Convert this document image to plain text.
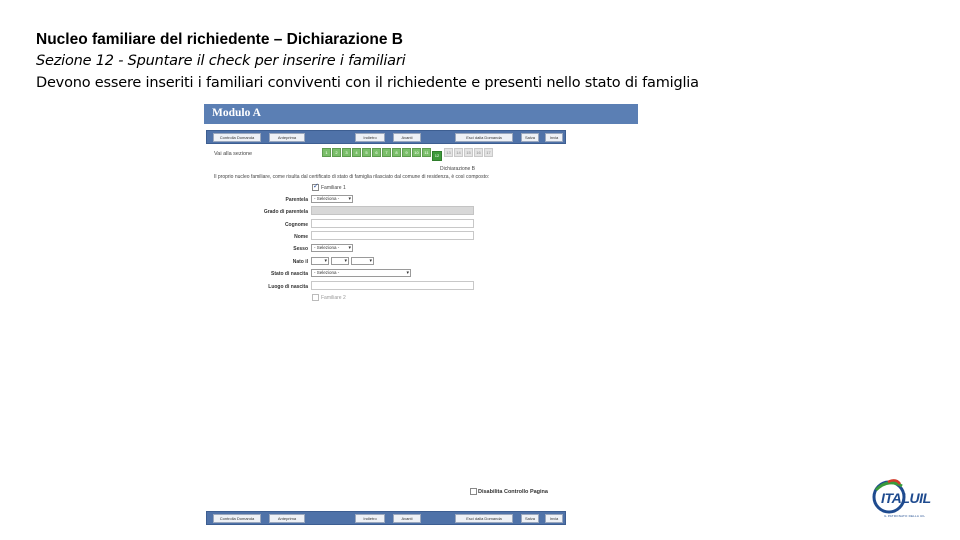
Nucleo familiare del richiedente – Dichiarazione B
Sezione 12 - Spuntare il check per inserire i familiari
Devono essere inseriti i familiari conviventi con il richiedente e presenti nello stato di famiglia
Modulo A
Controlla Domanda	Anteprima	Indietro	Avanti	Esci dalla Domanda	Salva	Invia
Vai alla sezione	1	2	3	4	5	6	7	8	9	10	11
12
13	14	15	16	17
Dichiarazione B
Il proprio nucleo familiare, come risulta dal certificato di stato di famiglia rilasciato dal comune di residenza, è così composto:
✓
Familiare 1
Parentela	- Seleziona - ▾
Grado di parentela
Cognome
Nome
Sesso	- Seleziona - ▾
Nato il
▾
▾
▾
Stato di nascita	- Seleziona - ▾
Luogo di nascita
Familiare 2
Disabilita Controllo Pagina
Controlla Domanda	Anteprima	Indietro	Avanti	Esci dalla Domanda	Salva	Invia
ITALUIL
IL PATRONATO DELLA UIL
